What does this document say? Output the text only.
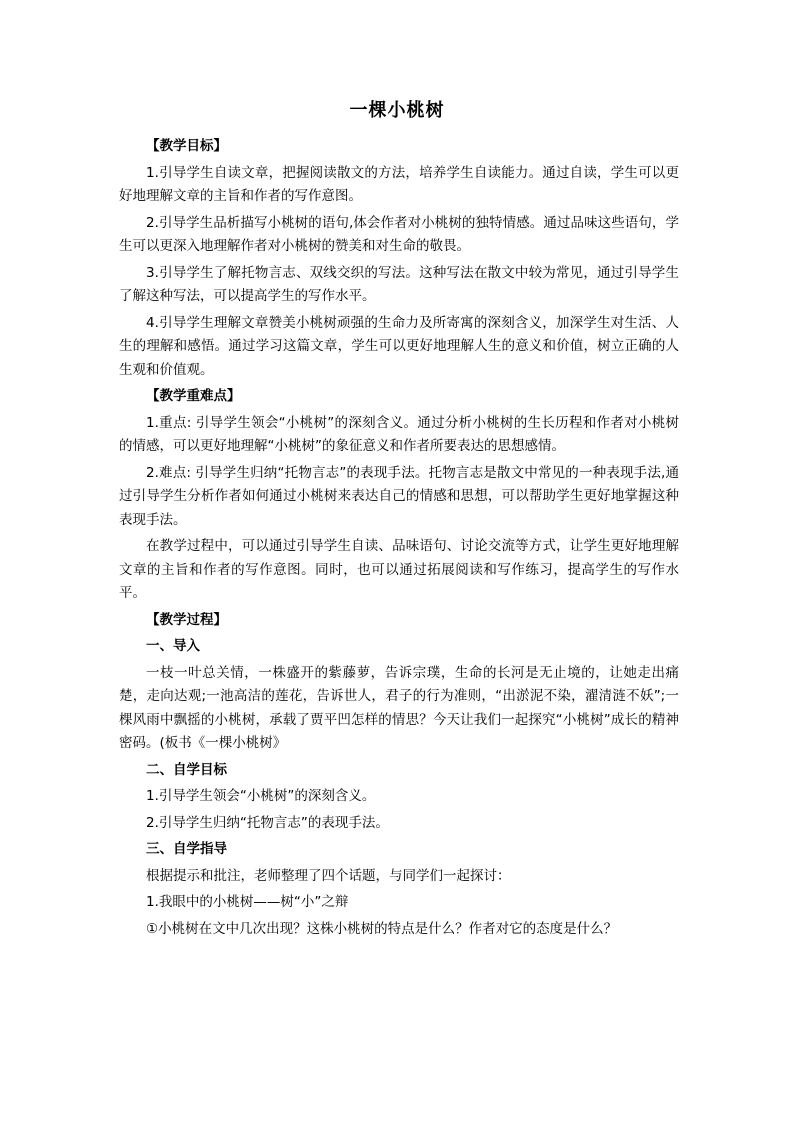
一棵小桃树

【教学目标】

1.引导学生自读文章，把握阅读散文的方法，培养学生自读能力。通过自读，学生可以更好地理解文章的主旨和作者的写作意图。

2.引导学生品析描写小桃树的语句,体会作者对小桃树的独特情感。通过品味这些语句，学生可以更深入地理解作者对小桃树的赞美和对生命的敬畏。

3.引导学生了解托物言志、双线交织的写法。这种写法在散文中较为常见，通过引导学生了解这种写法，可以提高学生的写作水平。

4.引导学生理解文章赞美小桃树顽强的生命力及所寄寓的深刻含义，加深学生对生活、人生的理解和感悟。通过学习这篇文章，学生可以更好地理解人生的意义和价值，树立正确的人生观和价值观。

【教学重难点】

1.重点: 引导学生领会“小桃树”的深刻含义。通过分析小桃树的生长历程和作者对小桃树的情感，可以更好地理解“小桃树”的象征意义和作者所要表达的思想感情。

2.难点: 引导学生归纳“托物言志”的表现手法。托物言志是散文中常见的一种表现手法,通过引导学生分析作者如何通过小桃树来表达自己的情感和思想，可以帮助学生更好地掌握这种表现手法。

在教学过程中，可以通过引导学生自读、品味语句、讨论交流等方式，让学生更好地理解文章的主旨和作者的写作意图。同时，也可以通过拓展阅读和写作练习，提高学生的写作水平。

【教学过程】

一、导入

一枝一叶总关情，一株盛开的紫藤萝，告诉宗璞，生命的长河是无止境的，让她走出痛楚，走向达观;一池高洁的莲花，告诉世人，君子的行为准则，“出淤泥不染，濯清涟不妖”;一棵风雨中飘摇的小桃树，承载了贾平凹怎样的情思？今天让我们一起探究“小桃树”成长的精神密码。(板书《一棵小桃树》

二、自学目标

1.引导学生领会“小桃树”的深刻含义。

2.引导学生归纳“托物言志”的表现手法。

三、自学指导

根据提示和批注，老师整理了四个话题，与同学们一起探讨：

1.我眼中的小桃树——树“小”之辩

①小桃树在文中几次出现？这株小桃树的特点是什么？作者对它的态度是什么？
